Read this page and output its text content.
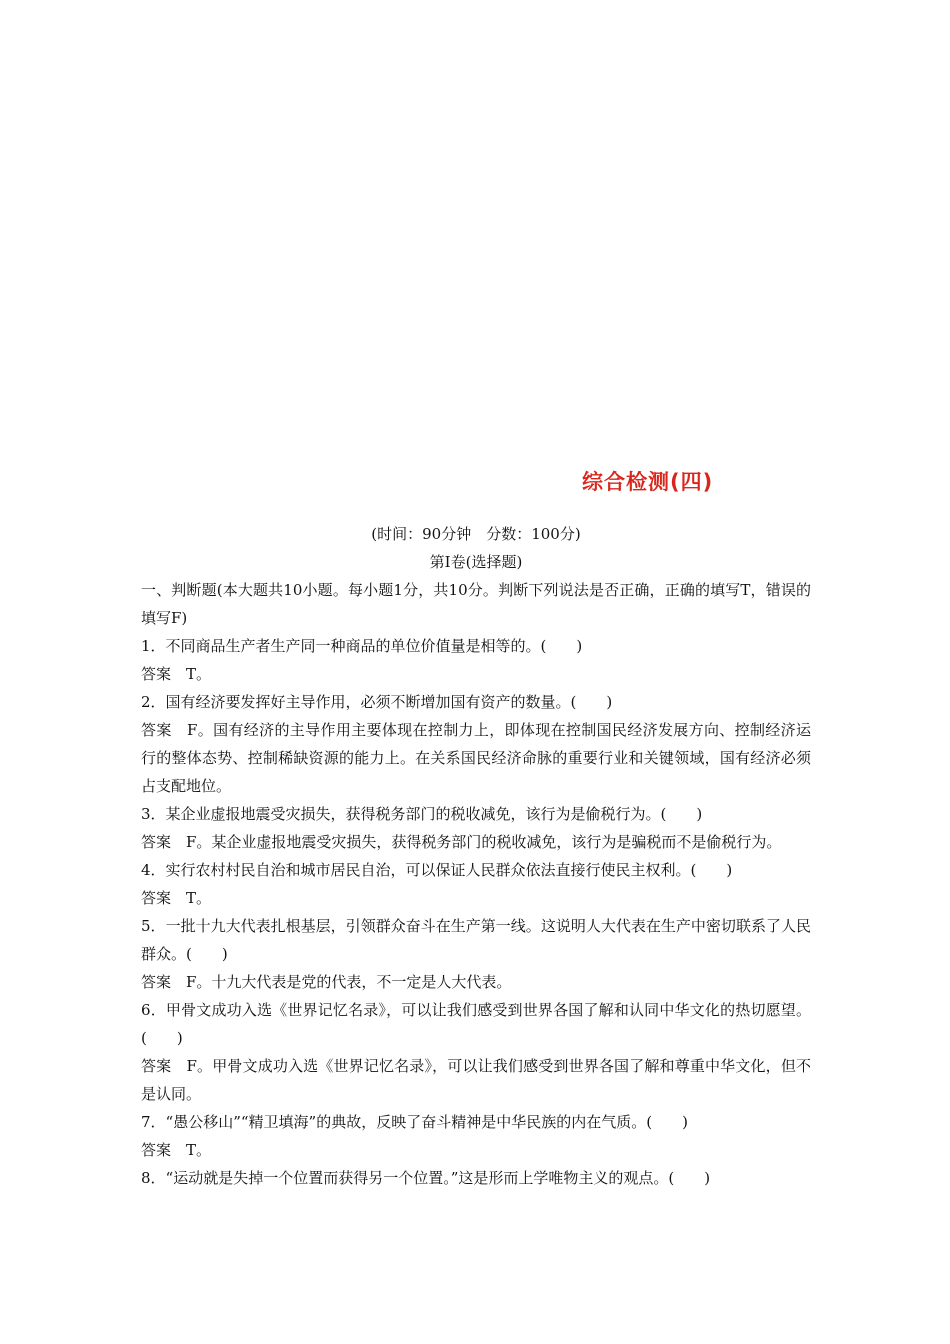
综合检测(四)
(时间：90分钟　分数：100分)
第Ⅰ卷(选择题)
一、判断题(本大题共10小题。每小题1分，共10分。判断下列说法是否正确，正确的填写T，错误的填写F)
1．不同商品生产者生产同一种商品的单位价值量是相等的。(　　)
答案　T。
2．国有经济要发挥好主导作用，必须不断增加国有资产的数量。(　　)
答案　F。国有经济的主导作用主要体现在控制力上，即体现在控制国民经济发展方向、控制经济运行的整体态势、控制稀缺资源的能力上。在关系国民经济命脉的重要行业和关键领域，国有经济必须占支配地位。
3．某企业虚报地震受灾损失，获得税务部门的税收减免，该行为是偷税行为。(　　)
答案　F。某企业虚报地震受灾损失，获得税务部门的税收减免，该行为是骗税而不是偷税行为。
4．实行农村村民自治和城市居民自治，可以保证人民群众依法直接行使民主权利。(　　)
答案　T。
5．一批十九大代表扎根基层，引领群众奋斗在生产第一线。这说明人大代表在生产中密切联系了人民群众。(　　)
答案　F。十九大代表是党的代表，不一定是人大代表。
6．甲骨文成功入选《世界记忆名录》，可以让我们感受到世界各国了解和认同中华文化的热切愿望。(　　)
答案　F。甲骨文成功入选《世界记忆名录》，可以让我们感受到世界各国了解和尊重中华文化，但不是认同。
7．“愚公移山”“精卫填海”的典故，反映了奋斗精神是中华民族的内在气质。(　　)
答案　T。
8．“运动就是失掉一个位置而获得另一个位置。”这是形而上学唯物主义的观点。(　　)
